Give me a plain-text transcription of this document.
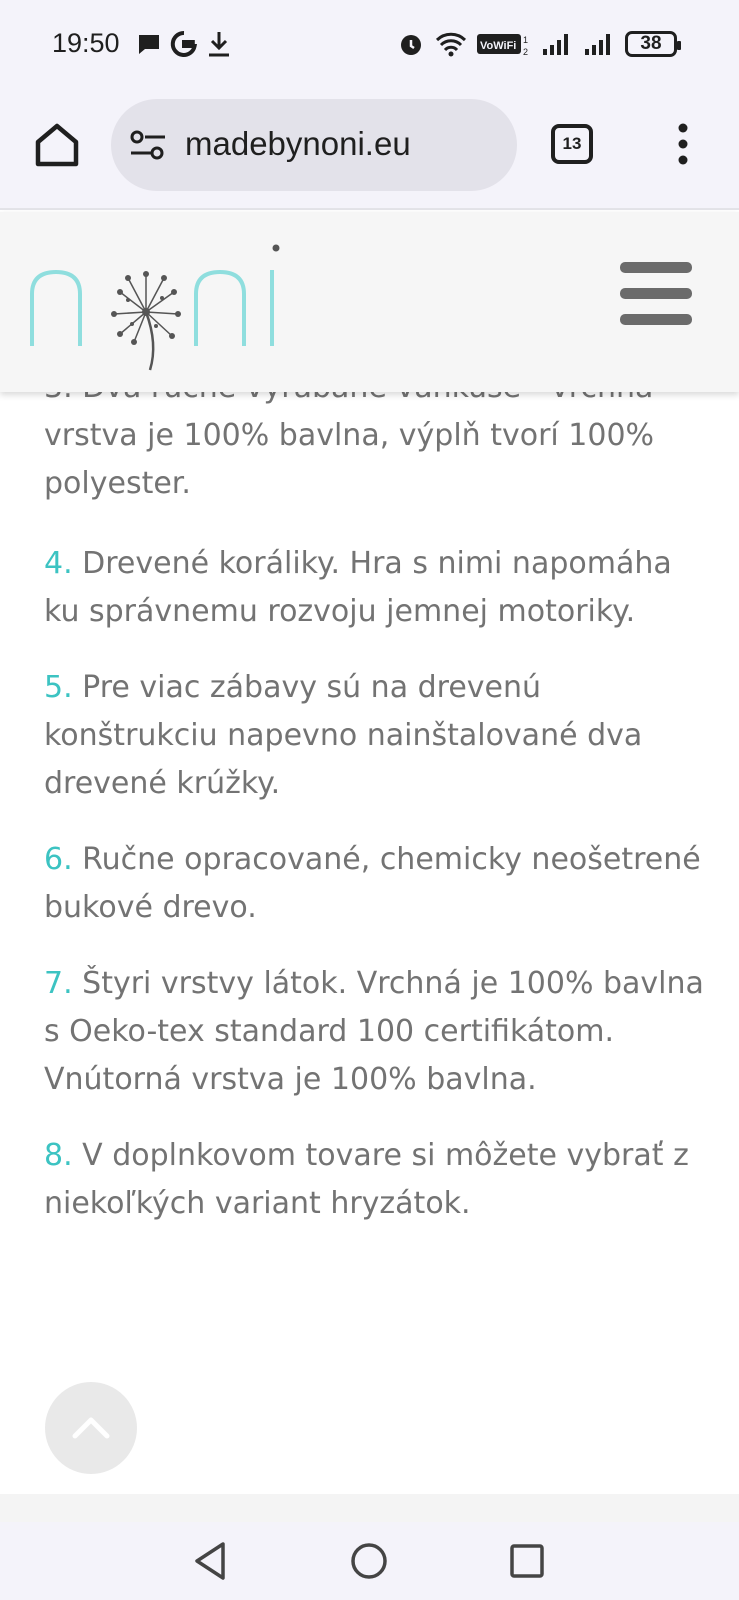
19:50	VoWiFi 1
2	38
madebynoni.eu	13
vrstva je 100% bavlna, výplň tvorí 100% polyester.

4. Drevené koráliky. Hra s nimi napomáha ku správnemu rozvoju jemnej motoriky.

5. Pre viac zábavy sú na drevenú konštrukciu napevno nainštalované dva drevené krúžky.

6. Ručne opracované, chemicky neošetrené bukové drevo.

7. Štyri vrstvy látok. Vrchná je 100% bavlna s Oeko-tex standard 100 certifikátom. Vnútorná vrstva je 100% bavlna.

8. V doplnkovom tovare si môžete vybrať z niekoľkých variant hryzátok.
